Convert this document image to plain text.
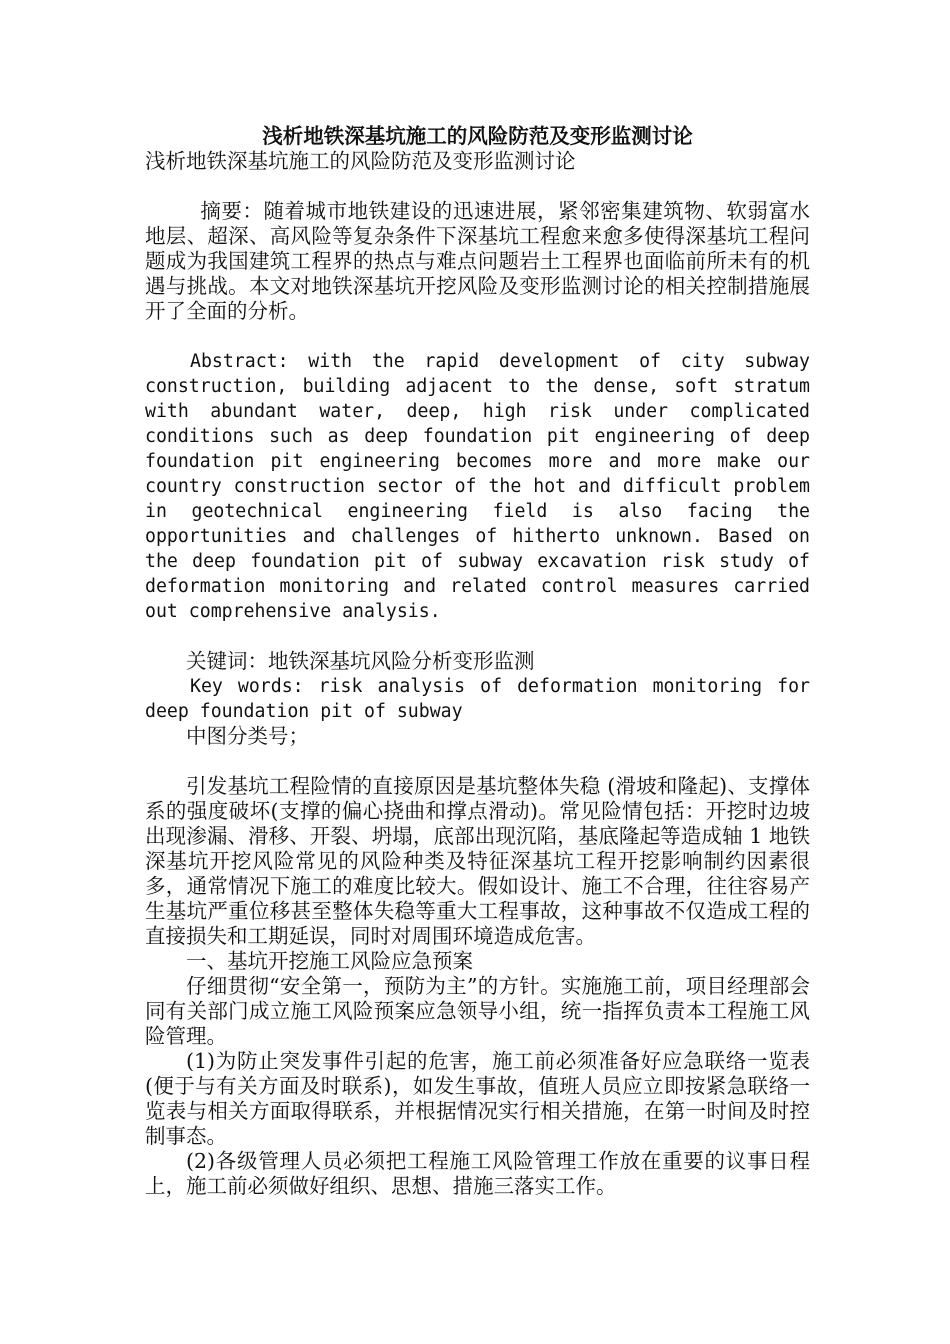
浅析地铁深基坑施工的风险防范及变形监测讨论

浅析地铁深基坑施工的风险防范及变形监测讨论

摘要：随着城市地铁建设的迅速进展，紧邻密集建筑物、软弱富水地层、超深、高风险等复杂条件下深基坑工程愈来愈多使得深基坑工程问题成为我国建筑工程界的热点与难点问题岩土工程界也面临前所未有的机遇与挑战。本文对地铁深基坑开挖风险及变形监测讨论的相关控制措施展开了全面的分析。

Abstract: with the rapid development of city subway construction, building adjacent to the dense, soft stratum with abundant water, deep, high risk under complicated conditions such as deep foundation pit engineering of deep foundation pit engineering becomes more and more make our country construction sector of the hot and difficult problem in geotechnical engineering field is also facing the opportunities and challenges of hitherto unknown. Based on the deep foundation pit of subway excavation risk study of deformation monitoring and related control measures carried out comprehensive analysis.

关键词：地铁深基坑风险分析变形监测

Key words: risk analysis of deformation monitoring for deep foundation pit of subway

中图分类号；

引发基坑工程险情的直接原因是基坑整体失稳 (滑坡和隆起)、支撑体系的强度破坏(支撑的偏心挠曲和撑点滑动)。常见险情包括：开挖时边坡出现渗漏、滑移、开裂、坍塌，底部出现沉陷，基底隆起等造成轴 1 地铁深基坑开挖风险常见的风险种类及特征深基坑工程开挖影响制约因素很多，通常情况下施工的难度比较大。假如设计、施工不合理，往往容易产生基坑严重位移甚至整体失稳等重大工程事故，这种事故不仅造成工程的直接损失和工期延误，同时对周围环境造成危害。

一、基坑开挖施工风险应急预案

仔细贯彻“安全第一，预防为主”的方针。实施施工前，项目经理部会同有关部门成立施工风险预案应急领导小组，统一指挥负责本工程施工风险管理。

(1)为防止突发事件引起的危害，施工前必须准备好应急联络一览表(便于与有关方面及时联系)，如发生事故，值班人员应立即按紧急联络一览表与相关方面取得联系，并根据情况实行相关措施，在第一时间及时控制事态。

(2)各级管理人员必须把工程施工风险管理工作放在重要的议事日程上，施工前必须做好组织、思想、措施三落实工作。
